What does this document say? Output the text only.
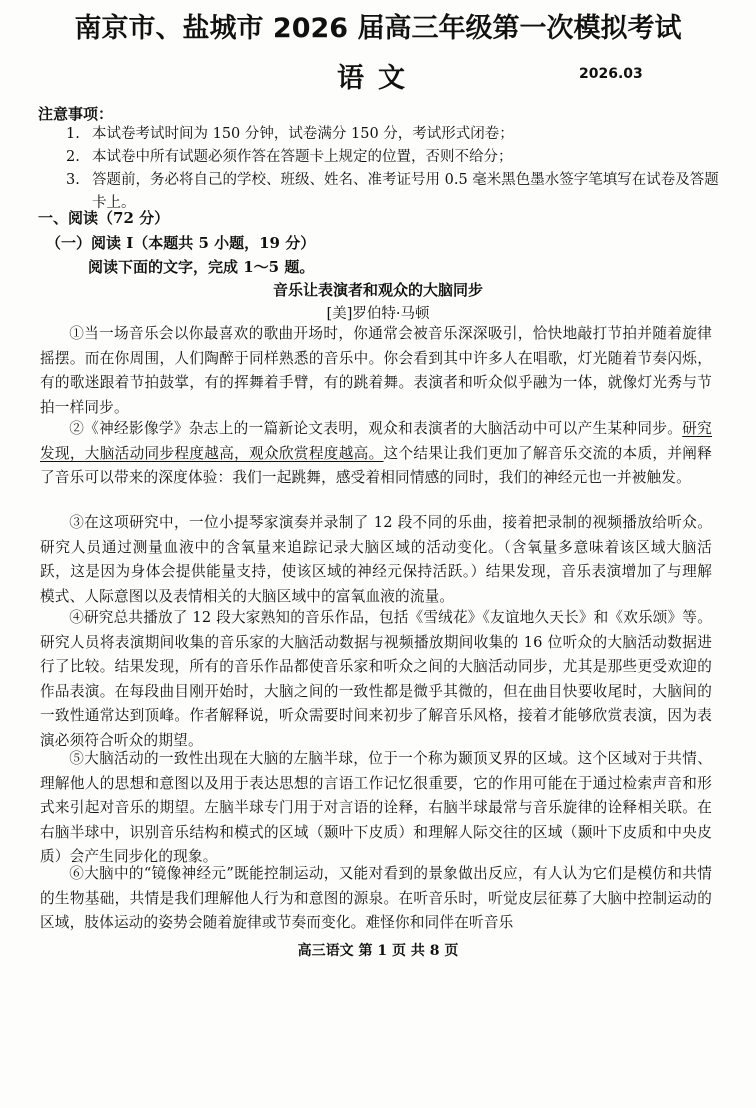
南京市、盐城市 2026 届高三年级第一次模拟考试
语文	2026.03
注意事项：
1. 本试卷考试时间为 150 分钟，试卷满分 150 分，考试形式闭卷；
2. 本试卷中所有试题必须作答在答题卡上规定的位置，否则不给分；
3. 答题前，务必将自己的学校、班级、姓名、准考证号用 0.5 毫米黑色墨水签字笔填写在试卷及答题卡上。
一、阅读（72 分）
（一）阅读 Ⅰ（本题共 5 小题，19 分）
阅读下面的文字，完成 1～5 题。
音乐让表演者和观众的大脑同步
[美]罗伯特·马顿
①当一场音乐会以你最喜欢的歌曲开场时，你通常会被音乐深深吸引，恰快地敲打节拍并随着旋律摇摆。而在你周围，人们陶醉于同样熟悉的音乐中。你会看到其中许多人在唱歌，灯光随着节奏闪烁，有的歌迷跟着节拍鼓掌，有的挥舞着手臂，有的跳着舞。表演者和听众似乎融为一体，就像灯光秀与节拍一样同步。
②《神经影像学》杂志上的一篇新论文表明，观众和表演者的大脑活动中可以产生某种同步。研究发现，大脑活动同步程度越高，观众欣赏程度越高。这个结果让我们更加了解音乐交流的本质，并阐释了音乐可以带来的深度体验：我们一起跳舞，感受着相同情感的同时，我们的神经元也一并被触发。
③在这项研究中，一位小提琴家演奏并录制了 12 段不同的乐曲，接着把录制的视频播放给听众。研究人员通过测量血液中的含氧量来追踪记录大脑区域的活动变化。（含氧量多意味着该区域大脑活跃，这是因为身体会提供能量支持，使该区域的神经元保持活跃。）结果发现，音乐表演增加了与理解模式、人际意图以及表情相关的大脑区域中的富氧血液的流量。
④研究总共播放了 12 段大家熟知的音乐作品，包括《雪绒花》《友谊地久天长》和《欢乐颂》等。研究人员将表演期间收集的音乐家的大脑活动数据与视频播放期间收集的 16 位听众的大脑活动数据进行了比较。结果发现，所有的音乐作品都使音乐家和听众之间的大脑活动同步，尤其是那些更受欢迎的作品表演。在每段曲目刚开始时，大脑之间的一致性都是微乎其微的，但在曲目快要收尾时，大脑间的一致性通常达到顶峰。作者解释说，听众需要时间来初步了解音乐风格，接着才能够欣赏表演，因为表演必须符合听众的期望。
⑤大脑活动的一致性出现在大脑的左脑半球，位于一个称为颞顶叉界的区域。这个区域对于共情、理解他人的思想和意图以及用于表达思想的言语工作记忆很重要，它的作用可能在于通过检索声音和形式来引起对音乐的期望。左脑半球专门用于对言语的诠释，右脑半球最常与音乐旋律的诠释相关联。在右脑半球中，识别音乐结构和模式的区域（颞叶下皮质）和理解人际交往的区域（颞叶下皮质和中央皮质）会产生同步化的现象。
⑥大脑中的“镜像神经元”既能控制运动，又能对看到的景象做出反应，有人认为它们是模仿和共情的生物基础，共情是我们理解他人行为和意图的源泉。在听音乐时，听觉皮层征募了大脑中控制运动的区域，肢体运动的姿势会随着旋律或节奏而变化。难怪你和同伴在听音乐
高三语文 第 1 页 共 8 页
